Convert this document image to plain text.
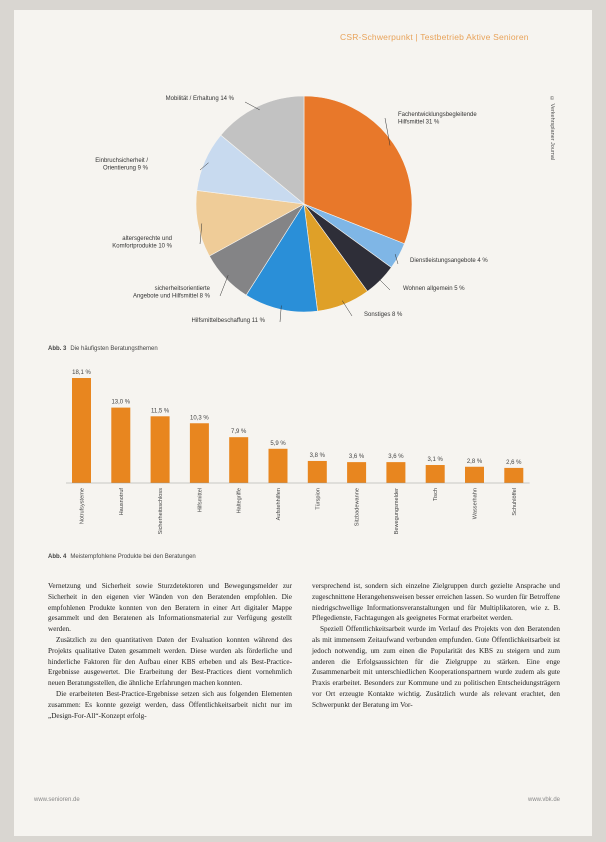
CSR-Schwerpunkt | Testbetrieb Aktive Senioren
© Verkehrsplaner Journal
Fachentwicklungsbegleitende Hilfsmittel 31 %
Dienstleistungsangebote 4 %
Wohnen allgemein 5 %
Sonstiges 8 %
Hilfsmittelbeschaffung 11 %
sicherheitsorientierte Angebote und Hilfsmittel 8 %
altersgerechte und Komfortprodukte 10 %
Einbruchsicherheit / Orientierung 9 %
Mobilität / Erhaltung 14 %
Abb. 3 Die häufigsten Beratungsthemen
18,1 %
Notrufsysteme
13,0 %
Hausnotruf
11,5 %
Sicherheitsschloss
10,3 %
Hilfsmittel
7,9 %
Haltegriffe
5,9 %
Aufstehhilfen
3,8 %
Türspion
3,6 %
Sitzbadewanne
3,6 %
Bewegungsmelder
3,1 %
Tisch
2,8 %
Wasserhahn
2,6 %
Schuhlöffel
Abb. 4 Meistempfohlene Produkte bei den Beratungen

Vernetzung und Sicherheit sowie Sturzdetektoren und Bewegungsmelder zur Sicherheit in den eigenen vier Wänden von den Beratenden empfohlen. Die empfohlenen Produkte konnten von den Beratern in einer Art digitaler Mappe gesammelt und den Beratenen als Informationsmaterial zur Verfügung gestellt werden.

Zusätzlich zu den quantitativen Daten der Evaluation konnten während des Projekts qualitative Daten gesammelt werden. Diese wurden als förderliche und hinderliche Faktoren für den Aufbau einer KBS erheben und als Best-Practice-Ergebnisse ausgewertet. Die Erarbeitung der Best-Practices dient vornehmlich neuen Beratungsstellen, die ähnliche Erfahrungen machen konnten.

Die erarbeiteten Best-Practice-Ergebnisse setzen sich aus folgenden Elementen zusammen: Es konnte gezeigt werden, dass Öffentlichkeitsarbeit nicht nur im „Design-For-All“-Konzept erfolg-

versprechend ist, sondern sich einzelne Zielgruppen durch gezielte Ansprache und zugeschnittene Herangehensweisen besser erreichen lassen. So wurden für Betroffene niedrigschwellige Informationsveranstaltungen und für Multiplikatoren, wie z. B. Pflegedienste, Fachtagungen als geeignetes Format erarbeitet werden.

Speziell Öffentlichkeitsarbeit wurde im Verlauf des Projekts von den Beratenden als mit immensem Zeitaufwand verbunden empfunden. Gute Öffentlichkeitsarbeit ist jedoch notwendig, um zum einen die Popularität des KBS zu steigern und zum anderen die Erfolgsaussichten für die Zielgruppe zu stärken. Eine enge Zusammenarbeit mit unterschiedlichen Kooperationspartnern wurde zudem als gute Praxis erarbeitet. Besonders zur Kommune und zu politischen Entscheidungsträgern vor Ort erzeugte Kontakte wichtig. Zusätzlich wurde als relevant erachtet, den Schwerpunkt der Beratung im Vor-

www.senioren.de	www.vbk.de
